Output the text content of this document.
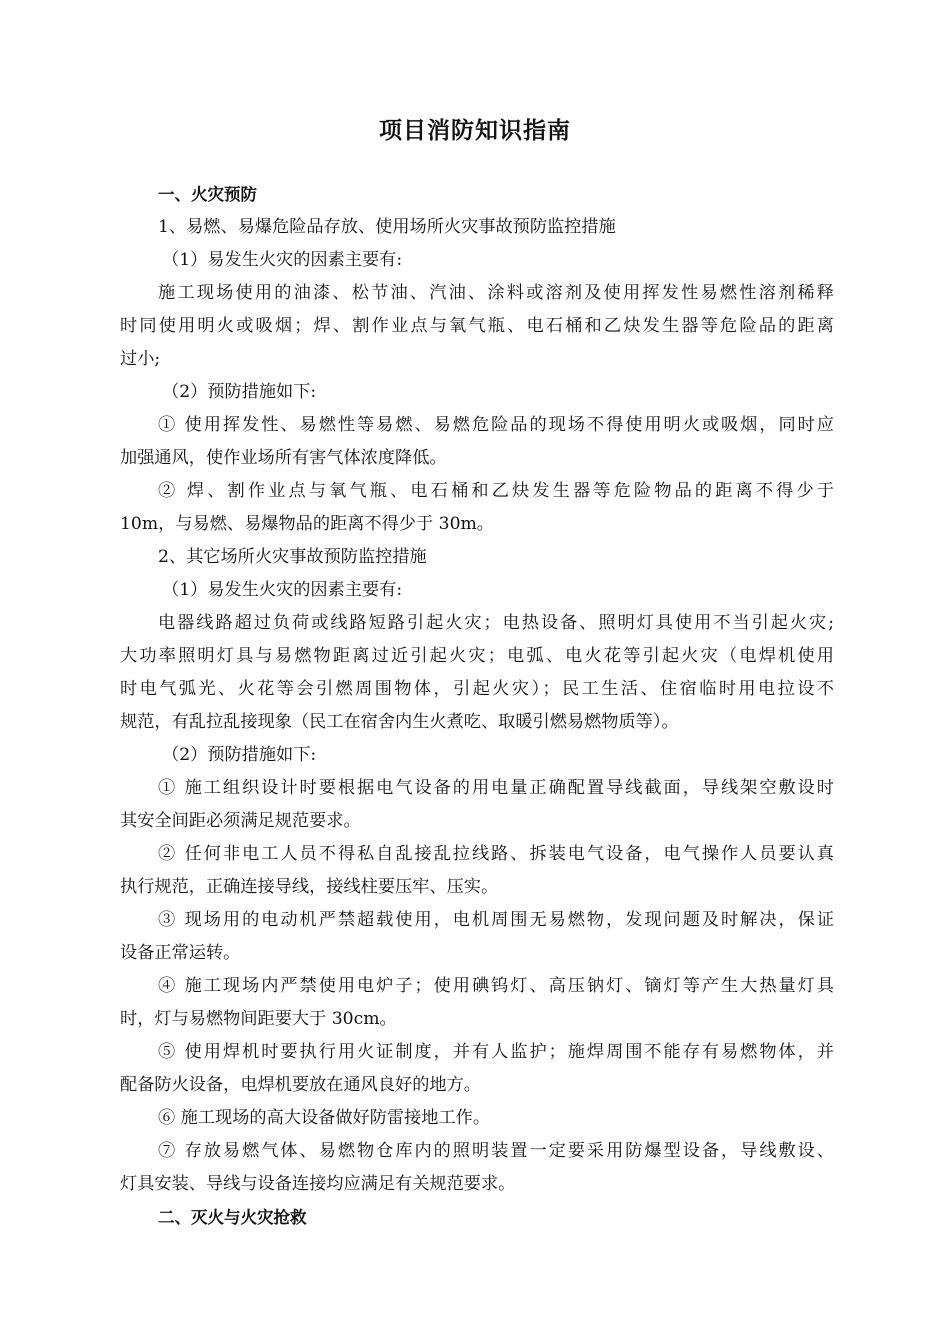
项目消防知识指南
一、火灾预防
1、易燃、易爆危险品存放、使用场所火灾事故预防监控措施
（1）易发生火灾的因素主要有:
施工现场使用的油漆、松节油、汽油、涂料或溶剂及使用挥发性易燃性溶剂稀释
时同使用明火或吸烟；焊、割作业点与氧气瓶、电石桶和乙炔发生器等危险品的距离
过小;
（2）预防措施如下:
① 使用挥发性、易燃性等易燃、易燃危险品的现场不得使用明火或吸烟，同时应
加强通风，使作业场所有害气体浓度降低。
② 焊、割作业点与氧气瓶、电石桶和乙炔发生器等危险物品的距离不得少于
10m，与易燃、易爆物品的距离不得少于 30m。
2、其它场所火灾事故预防监控措施
（1）易发生火灾的因素主要有:
电器线路超过负荷或线路短路引起火灾；电热设备、照明灯具使用不当引起火灾;
大功率照明灯具与易燃物距离过近引起火灾；电弧、电火花等引起火灾（电焊机使用
时电气弧光、火花等会引燃周围物体，引起火灾）；民工生活、住宿临时用电拉设不
规范，有乱拉乱接现象（民工在宿舍内生火煮吃、取暖引燃易燃物质等）。
（2）预防措施如下:
① 施工组织设计时要根据电气设备的用电量正确配置导线截面，导线架空敷设时
其安全间距必须满足规范要求。
② 任何非电工人员不得私自乱接乱拉线路、拆装电气设备，电气操作人员要认真
执行规范，正确连接导线，接线柱要压牢、压实。
③ 现场用的电动机严禁超载使用，电机周围无易燃物，发现问题及时解决，保证
设备正常运转。
④ 施工现场内严禁使用电炉子；使用碘钨灯、高压钠灯、镝灯等产生大热量灯具
时，灯与易燃物间距要大于 30cm。
⑤ 使用焊机时要执行用火证制度，并有人监护；施焊周围不能存有易燃物体，并
配备防火设备，电焊机要放在通风良好的地方。
⑥ 施工现场的高大设备做好防雷接地工作。
⑦ 存放易燃气体、易燃物仓库内的照明装置一定要采用防爆型设备，导线敷设、
灯具安装、导线与设备连接均应满足有关规范要求。
二、灭火与火灾抢救
